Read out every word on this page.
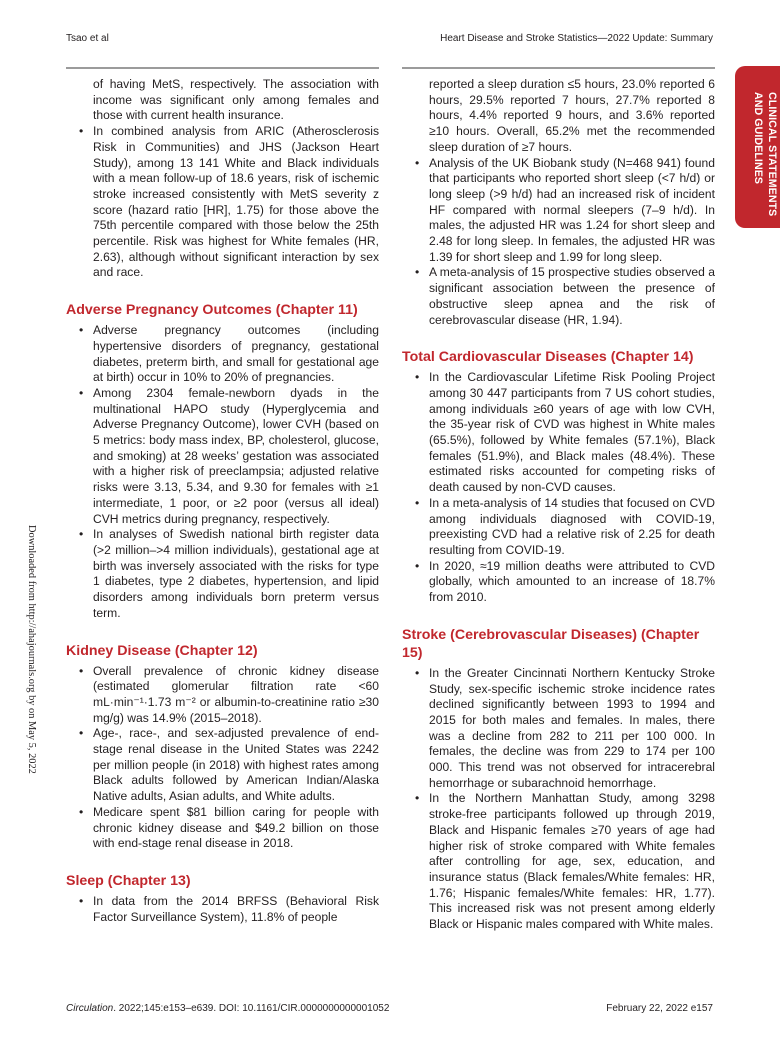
Tsao et al	Heart Disease and Stroke Statistics—2022 Update: Summary
CLINICAL STATEMENTS
AND GUIDELINES
Downloaded from http://ahajournals.org by on May 5, 2022
of having MetS, respectively. The association with income was significant only among females and those with current health insurance.
• In combined analysis from ARIC (Atherosclerosis Risk in Communities) and JHS (Jackson Heart Study), among 13 141 White and Black individuals with a mean follow-up of 18.6 years, risk of ischemic stroke increased consistently with MetS severity z score (hazard ratio [HR], 1.75) for those above the 75th percentile compared with those below the 25th percentile. Risk was highest for White females (HR, 2.63), although without significant interaction by sex and race.
Adverse Pregnancy Outcomes (Chapter 11)
• Adverse pregnancy outcomes (including hypertensive disorders of pregnancy, gestational diabetes, preterm birth, and small for gestational age at birth) occur in 10% to 20% of pregnancies.
• Among 2304 female-newborn dyads in the multinational HAPO study (Hyperglycemia and Adverse Pregnancy Outcome), lower CVH (based on 5 metrics: body mass index, BP, cholesterol, glucose, and smoking) at 28 weeks’ gestation was associated with a higher risk of preeclampsia; adjusted relative risks were 3.13, 5.34, and 9.30 for females with ≥1 intermediate, 1 poor, or ≥2 poor (versus all ideal) CVH metrics during pregnancy, respectively.
• In analyses of Swedish national birth register data (>2 million–>4 million individuals), gestational age at birth was inversely associated with the risks for type 1 diabetes, type 2 diabetes, hypertension, and lipid disorders among individuals born preterm versus term.
Kidney Disease (Chapter 12)
• Overall prevalence of chronic kidney disease (estimated glomerular filtration rate <60 mL·min⁻¹·1.73 m⁻² or albumin-to-creatinine ratio ≥30 mg/g) was 14.9% (2015–2018).
• Age-, race-, and sex-adjusted prevalence of end-stage renal disease in the United States was 2242 per million people (in 2018) with highest rates among Black adults followed by American Indian/Alaska Native adults, Asian adults, and White adults.
• Medicare spent $81 billion caring for people with chronic kidney disease and $49.2 billion on those with end-stage renal disease in 2018.
Sleep (Chapter 13)
• In data from the 2014 BRFSS (Behavioral Risk Factor Surveillance System), 11.8% of people
reported a sleep duration ≤5 hours, 23.0% reported 6 hours, 29.5% reported 7 hours, 27.7% reported 8 hours, 4.4% reported 9 hours, and 3.6% reported ≥10 hours. Overall, 65.2% met the recommended sleep duration of ≥7 hours.
• Analysis of the UK Biobank study (N=468 941) found that participants who reported short sleep (<7 h/d) or long sleep (>9 h/d) had an increased risk of incident HF compared with normal sleepers (7–9 h/d). In males, the adjusted HR was 1.24 for short sleep and 2.48 for long sleep. In females, the adjusted HR was 1.39 for short sleep and 1.99 for long sleep.
• A meta-analysis of 15 prospective studies observed a significant association between the presence of obstructive sleep apnea and the risk of cerebrovascular disease (HR, 1.94).
Total Cardiovascular Diseases (Chapter 14)
• In the Cardiovascular Lifetime Risk Pooling Project among 30 447 participants from 7 US cohort studies, among individuals ≥60 years of age with low CVH, the 35-year risk of CVD was highest in White males (65.5%), followed by White females (57.1%), Black females (51.9%), and Black males (48.4%). These estimated risks accounted for competing risks of death caused by non-CVD causes.
• In a meta-analysis of 14 studies that focused on CVD among individuals diagnosed with COVID-19, preexisting CVD had a relative risk of 2.25 for death resulting from COVID-19.
• In 2020, ≈19 million deaths were attributed to CVD globally, which amounted to an increase of 18.7% from 2010.
Stroke (Cerebrovascular Diseases) (Chapter 15)
• In the Greater Cincinnati Northern Kentucky Stroke Study, sex-specific ischemic stroke incidence rates declined significantly between 1993 to 1994 and 2015 for both males and females. In males, there was a decline from 282 to 211 per 100 000. In females, the decline was from 229 to 174 per 100 000. This trend was not observed for intracerebral hemorrhage or subarachnoid hemorrhage.
• In the Northern Manhattan Study, among 3298 stroke-free participants followed up through 2019, Black and Hispanic females ≥70 years of age had higher risk of stroke compared with White females after controlling for age, sex, education, and insurance status (Black females/White females: HR, 1.76; Hispanic females/White females: HR, 1.77). This increased risk was not present among elderly Black or Hispanic males compared with White males.
Circulation. 2022;145:e153–e639. DOI: 10.1161/CIR.0000000000001052	February 22, 2022 e157
